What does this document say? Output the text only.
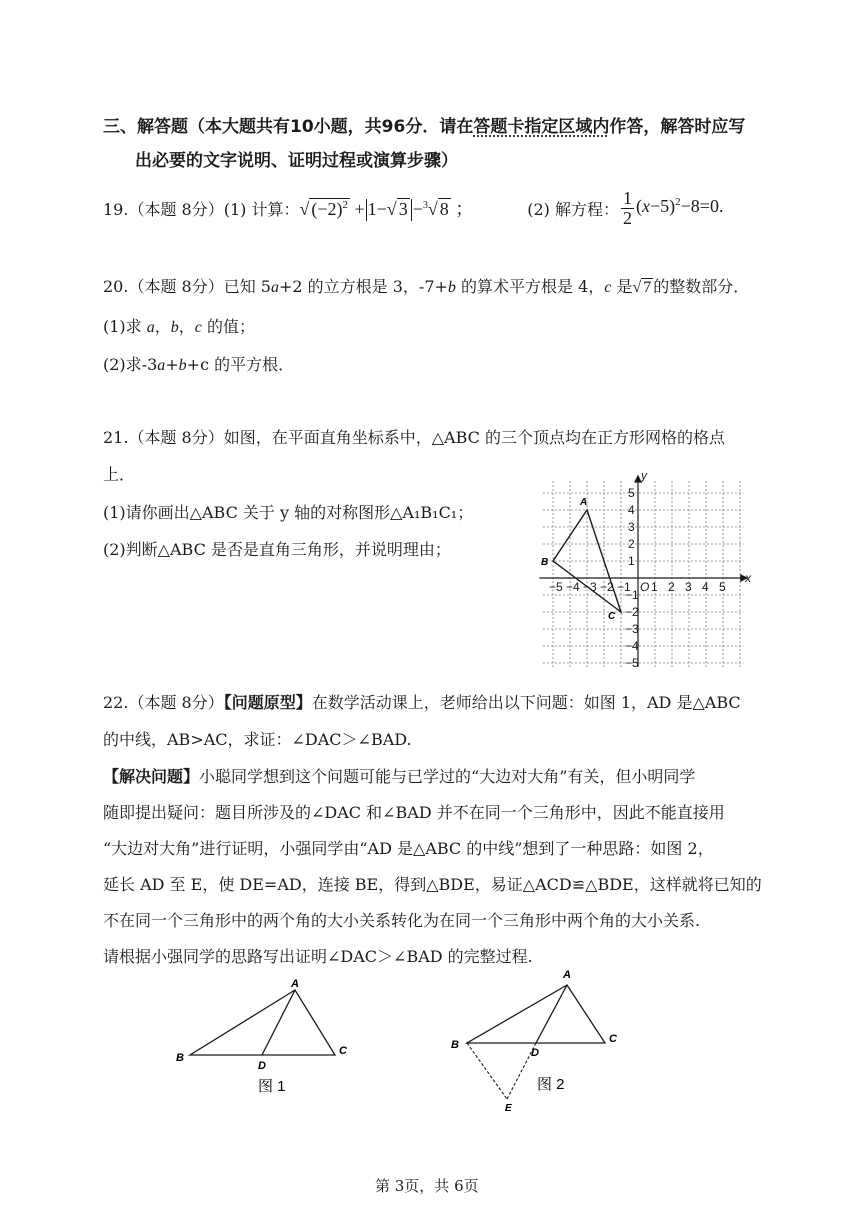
三、解答题（本大题共有10小题，共96分．请在答题卡指定区域内作答，解答时应写
出必要的文字说明、证明过程或演算步骤）
19.（本题 8分）(1) 计算： √ $(-2)^2 + 1-√$ 3 −$^3$√ 8 ；	(2) 解方程： $\frac{1}{2} (x-5)^2-8=0$.
20.（本题 8分）已知 5a+2 的立方根是 3，-7+b 的算术平方根是 4，c 是√ 7 的整数部分．
(1)求 a，b，c 的值；
(2)求-3a+b+c 的平方根．
21.（本题 8分）如图，在平面直角坐标系中，△ABC 的三个顶点均在正方形网格的格点
上．
(1)请你画出△ABC 关于 y 轴的对称图形△A₁B₁C₁；
(2)判断△ABC 是否是直角三角形，并说明理由；
−5 −4 −3 −2 −1 1 2 3 4 5
5
4
3
2
1
−1
−2
−3
−4
−5
x
y
O
A
B
C
22.（本题 8分）【问题原型】在数学活动课上，老师给出以下问题：如图 1，AD 是△ABC
的中线，AB>AC，求证：∠DAC＞∠BAD.
【解决问题】小聪同学想到这个问题可能与已学过的“大边对大角”有关，但小明同学
随即提出疑问：题目所涉及的∠DAC 和∠BAD 并不在同一个三角形中，因此不能直接用
“大边对大角”进行证明，小强同学由“AD 是△ABC 的中线”想到了一种思路：如图 2，
延长 AD 至 E，使 DE=AD，连接 BE，得到△BDE，易证△ACD≌△BDE，这样就将已知的
不在同一个三角形中的两个角的大小关系转化为在同一个三角形中两个角的大小关系.
请根据小强同学的思路写出证明∠DAC＞∠BAD 的完整过程.
A
B
C
D
图 1
A
B	C
D
E
图 2
第 3页，共 6页
